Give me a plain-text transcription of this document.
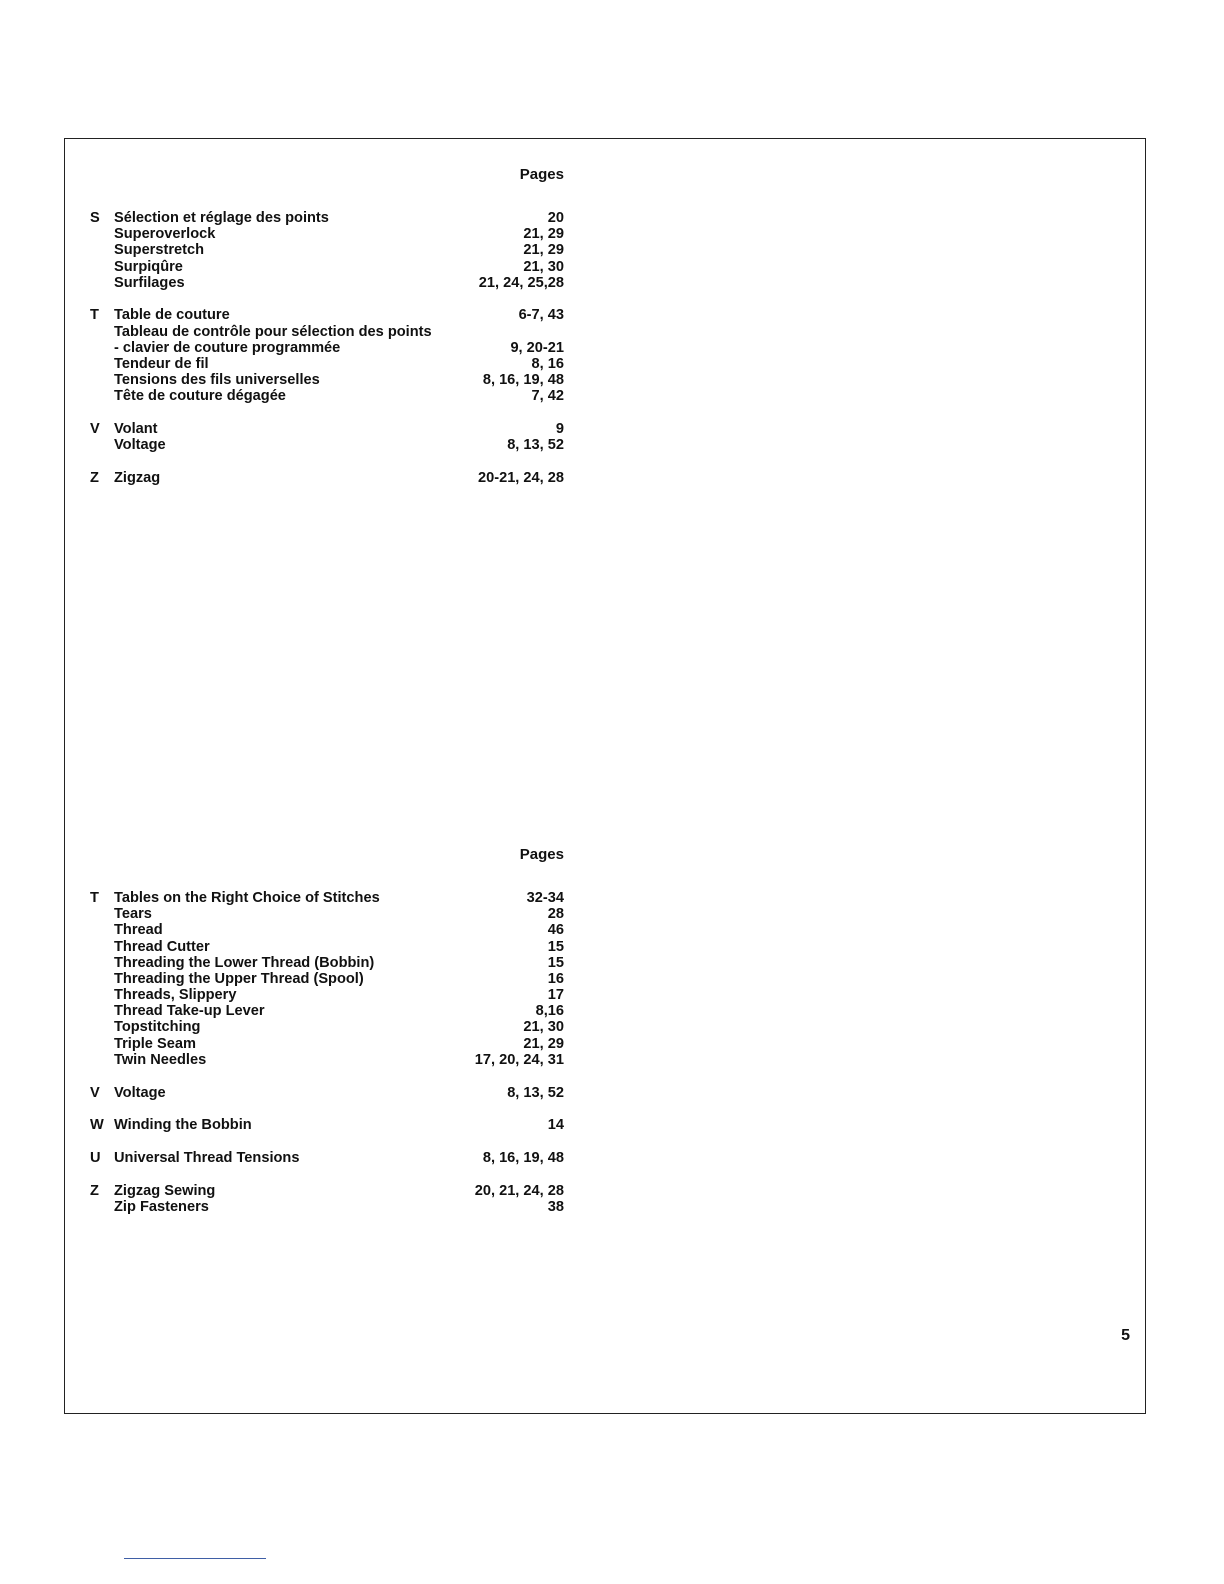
Pages
S Sélection et réglage des points	20
Superoverlock	21, 29
Superstretch	21, 29
Surpiqûre	21, 30
Surfilages	21, 24, 25,28
T	Table de couture	6-7, 43
Tableau de contrôle pour sélection des points
- clavier de couture programmée	9, 20-21
Tendeur de fil	8, 16
Tensions des fils universelles	8, 16, 19, 48
Tête de couture dégagée	7, 42
V Volant	9
Voltage	8, 13, 52
Z	Zigzag	20-21, 24, 28
Pages
T	Tables on the Right Choice of Stitches	32-34
Tears	28
Thread	46
Thread Cutter	15
Threading the Lower Thread (Bobbin)	15
Threading the Upper Thread (Spool)	16
Threads, Slippery	17
Thread Take-up Lever	8,16
Topstitching	21, 30
Triple Seam	21, 29
Twin Needles	17, 20, 24, 31
V Voltage	8, 13, 52
W Winding the Bobbin	14
U Universal Thread Tensions	8, 16, 19, 48
Z	Zigzag Sewing	20, 21, 24, 28
Zip Fasteners	38
5
